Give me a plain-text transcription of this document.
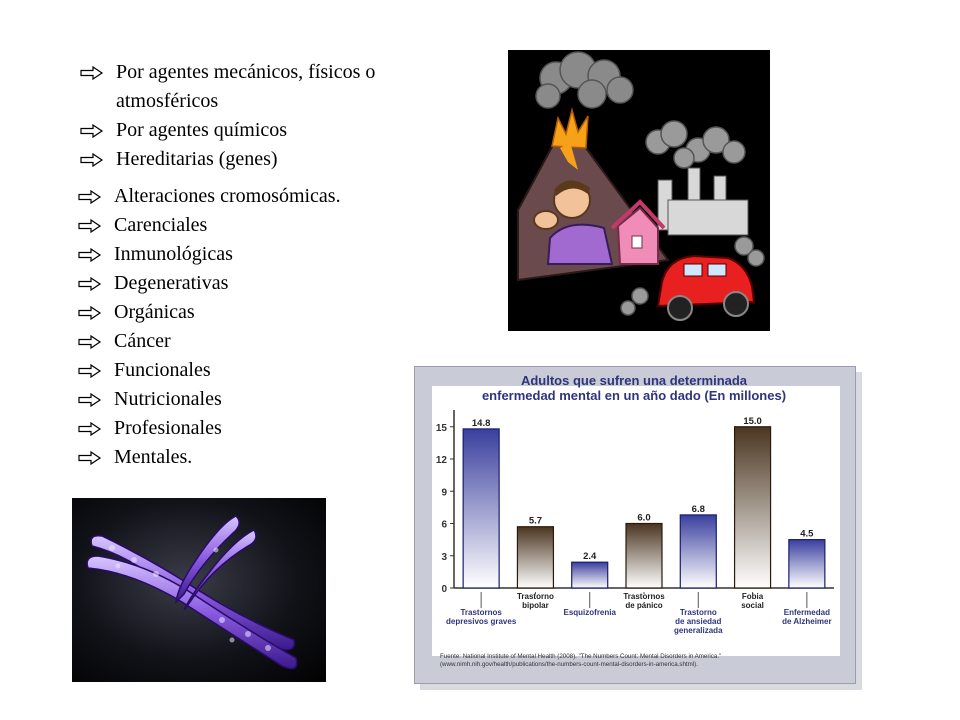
Por agentes mecánicos, físicos o
atmosféricos
Por agentes químicos
Hereditarias (genes)
Alteraciones cromosómicas.
Carenciales
Inmunológicas
Degenerativas
Orgánicas
Cáncer
Funcionales
Nutricionales
Profesionales
Mentales.
Adultos que sufren una determinada
enfermedad mental en un año dado (En millones)
0
3
6
9
12
15	14.8
Trastornos
depresivos graves
5.7
Trastorno
bipolar
2.4
Esquizofrenia
6.0
Trastornos
de pánico
6.8
Trastorno
de ansiedad
generalizada
15.0
Fobia
social
4.5
Enfermedad
de Alzheimer
Fuente: National Institute of Mental Health (2008). "The Numbers Count: Mental Disorders in America."
(www.nimh.nih.gov/health/publications/the-numbers-count-mental-disorders-in-america.shtml).
